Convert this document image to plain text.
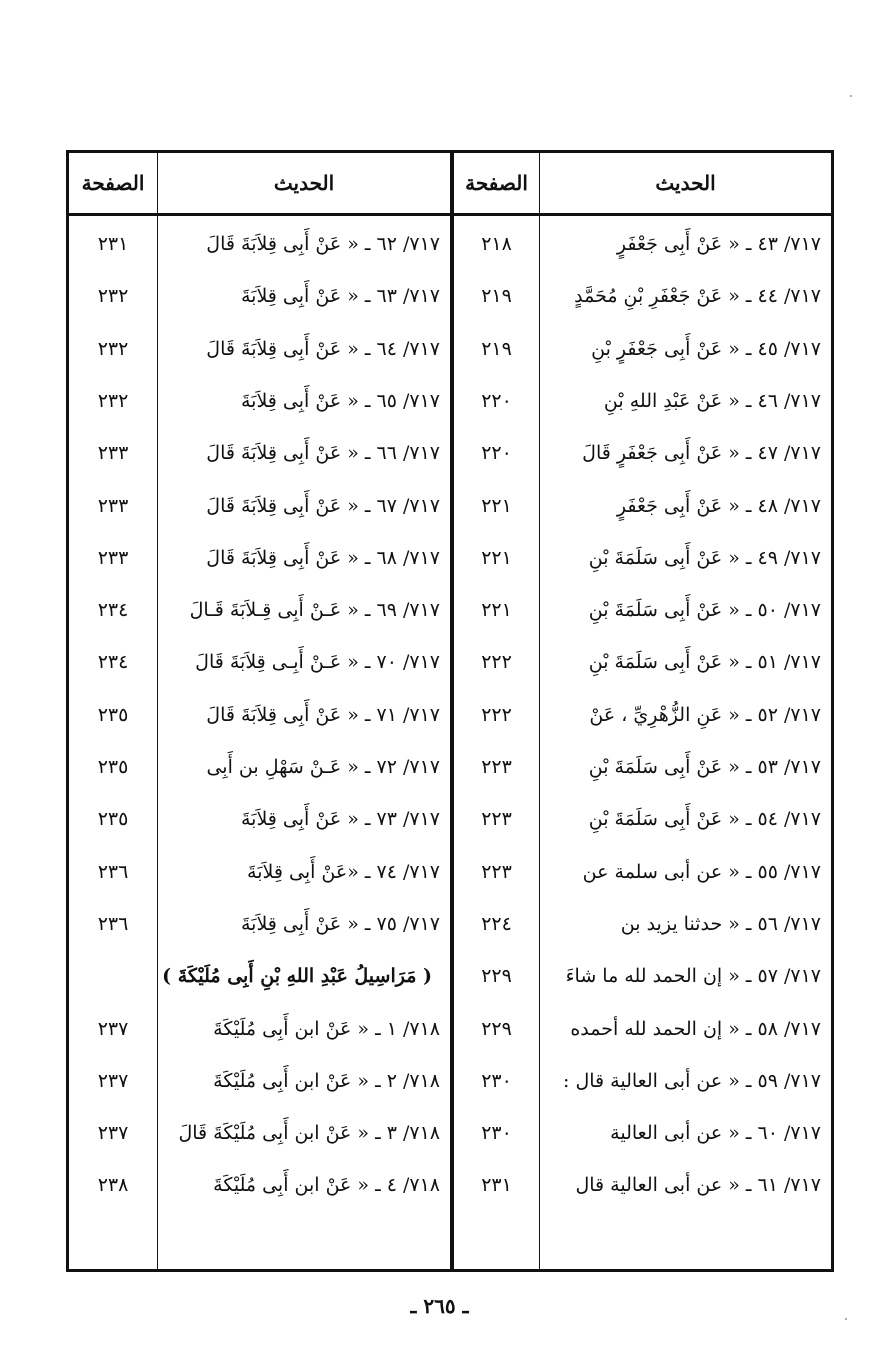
الحديث
الصفحة
الحديث
الصفحة
٧١٧/ ٤٣ ـ « عَنْ أَبِى جَعْفَرٍ
٢١٨
٧١٧/ ٤٤ ـ « عَنْ جَعْفَرِ بْنِ مُحَمَّدٍ
٢١٩
٧١٧/ ٤٥ ـ « عَنْ أَبِى جَعْفَرٍ بْنِ
٢١٩
٧١٧/ ٤٦ ـ « عَنْ عَبْدِ اللهِ بْنِ
٢٢٠
٧١٧/ ٤٧ ـ « عَنْ أَبِى جَعْفَرٍ قَالَ
٢٢٠
٧١٧/ ٤٨ ـ « عَنْ أَبِى جَعْفَرٍ
٢٢١
٧١٧/ ٤٩ ـ « عَنْ أَبِى سَلَمَةَ بْنِ
٢٢١
٧١٧/ ٥٠ ـ « عَنْ أَبِى سَلَمَةَ بْنِ
٢٢١
٧١٧/ ٥١ ـ « عَنْ أَبِى سَلَمَةَ بْنِ
٢٢٢
٧١٧/ ٥٢ ـ « عَنِ الزُّهْرِيِّ ، عَنْ
٢٢٢
٧١٧/ ٥٣ ـ « عَنْ أَبِى سَلَمَةَ بْنِ
٢٢٣
٧١٧/ ٥٤ ـ « عَنْ أَبِى سَلَمَةَ بْنِ
٢٢٣
٧١٧/ ٥٥ ـ « عن أبى سلمة عن
٢٢٣
٧١٧/ ٥٦ ـ « حدثنا يزيد بن
٢٢٤
٧١٧/ ٥٧ ـ « إن الحمد لله ما شاءَ
٢٢٩
٧١٧/ ٥٨ ـ « إن الحمد لله أحمده
٢٢٩
٧١٧/ ٥٩ ـ « عن أبى العالية قال :
٢٣٠
٧١٧/ ٦٠ ـ « عن أبى العالية
٢٣٠
٧١٧/ ٦١ ـ « عن أبى العالية قال
٢٣١
٧١٧/ ٦٢ ـ « عَنْ أَبِى قِلاَبَةَ قَالَ
٢٣١
٧١٧/ ٦٣ ـ « عَنْ أَبِى قِلاَبَةَ
٢٣٢
٧١٧/ ٦٤ ـ « عَنْ أَبِى قِلاَبَةَ قَالَ
٢٣٢
٧١٧/ ٦٥ ـ « عَنْ أَبِى قِلاَبَةَ
٢٣٢
٧١٧/ ٦٦ ـ « عَنْ أَبِى قِلاَبَةَ قَالَ
٢٣٣
٧١٧/ ٦٧ ـ « عَنْ أَبِى قِلاَبَةَ قَالَ
٢٣٣
٧١٧/ ٦٨ ـ « عَنْ أَبِى قِلاَبَةَ قَالَ
٢٣٣
٧١٧/ ٦٩ ـ « عَـنْ أَبِى قِـلاَبَةَ قَـالَ
٢٣٤
٧١٧/ ٧٠ ـ « عَـنْ أَبِـى قِلاَبَةَ قَالَ
٢٣٤
٧١٧/ ٧١ ـ « عَنْ أَبِى قِلاَبَةَ قَالَ
٢٣٥
٧١٧/ ٧٢ ـ « عَـنْ سَهْلِ بن أَبِى
٢٣٥
٧١٧/ ٧٣ ـ « عَنْ أَبِى قِلاَبَةَ
٢٣٥
٧١٧/ ٧٤ ـ «عَنْ أَبِى قِلاَبَةَ
٢٣٦
٧١٧/ ٧٥ ـ « عَنْ أَبِى قِلاَبَةَ
٢٣٦
( مَرَاسِيلُ عَبْدِ اللهِ بْنِ أَبِى مُلَيْكَةَ )
٧١٨/ ١ ـ « عَنْ ابن أَبِى مُلَيْكَةَ
٢٣٧
٧١٨/ ٢ ـ « عَنْ ابن أَبِى مُلَيْكَةَ
٢٣٧
٧١٨/ ٣ ـ « عَنْ ابن أَبِى مُلَيْكَةَ قَالَ
٢٣٧
٧١٨/ ٤ ـ « عَنْ ابن أَبِى مُلَيْكَةَ
٢٣٨
ـ ٢٦٥ ـ
